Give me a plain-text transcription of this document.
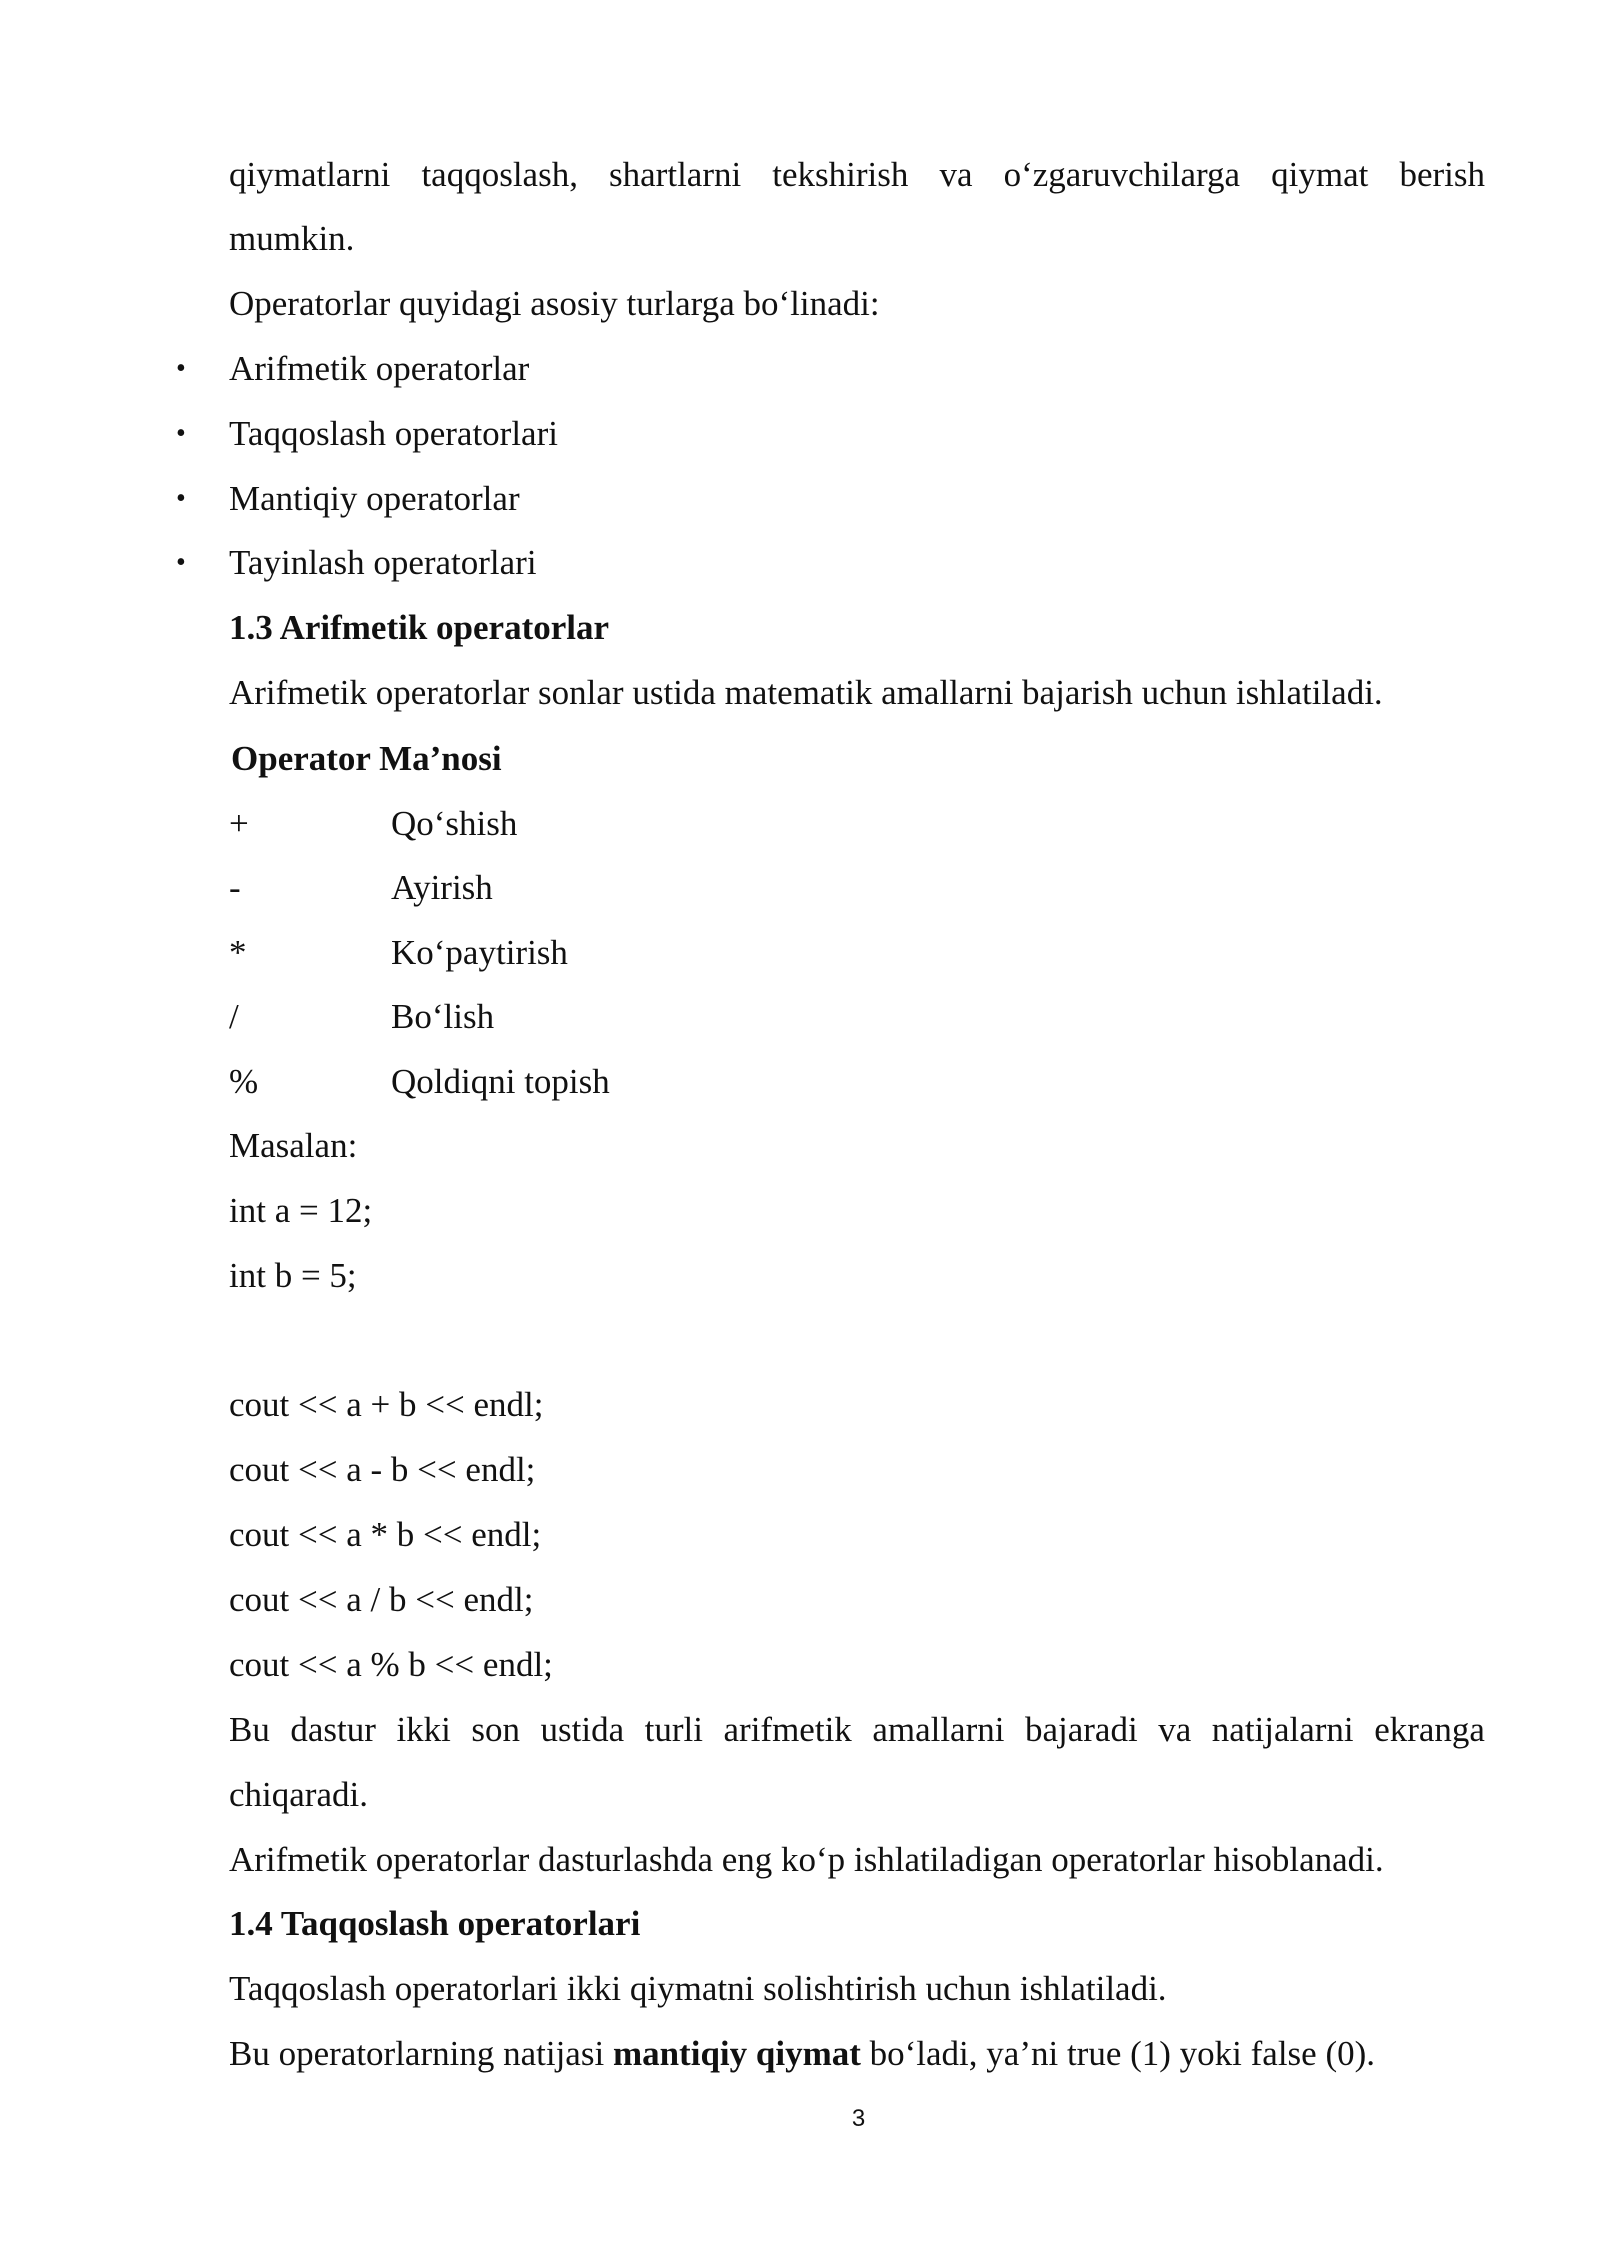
qiymatlarni taqqoslash, shartlarni tekshirish va o‘zgaruvchilarga qiymat berish
mumkin.
Operatorlar quyidagi asosiy turlarga bo‘linadi:
• Arifmetik operatorlar
• Taqqoslash operatorlari
• Mantiqiy operatorlar
• Tayinlash operatorlari
1.3 Arifmetik operatorlar
Arifmetik operatorlar sonlar ustida matematik amallarni bajarish uchun ishlatiladi.
Operator Ma’nosi
+	Qo‘shish
-	Ayirish
*	Ko‘paytirish
/	Bo‘lish
%	Qoldiqni topish
Masalan:
int a = 12;
int b = 5;
cout << a + b << endl;
cout << a - b << endl;
cout << a * b << endl;
cout << a / b << endl;
cout << a % b << endl;
Bu dastur ikki son ustida turli arifmetik amallarni bajaradi va natijalarni ekranga
chiqaradi.
Arifmetik operatorlar dasturlashda eng ko‘p ishlatiladigan operatorlar hisoblanadi.
1.4 Taqqoslash operatorlari
Taqqoslash operatorlari ikki qiymatni solishtirish uchun ishlatiladi.
Bu operatorlarning natijasi mantiqiy qiymat bo‘ladi, ya’ni true (1) yoki false (0).
3
